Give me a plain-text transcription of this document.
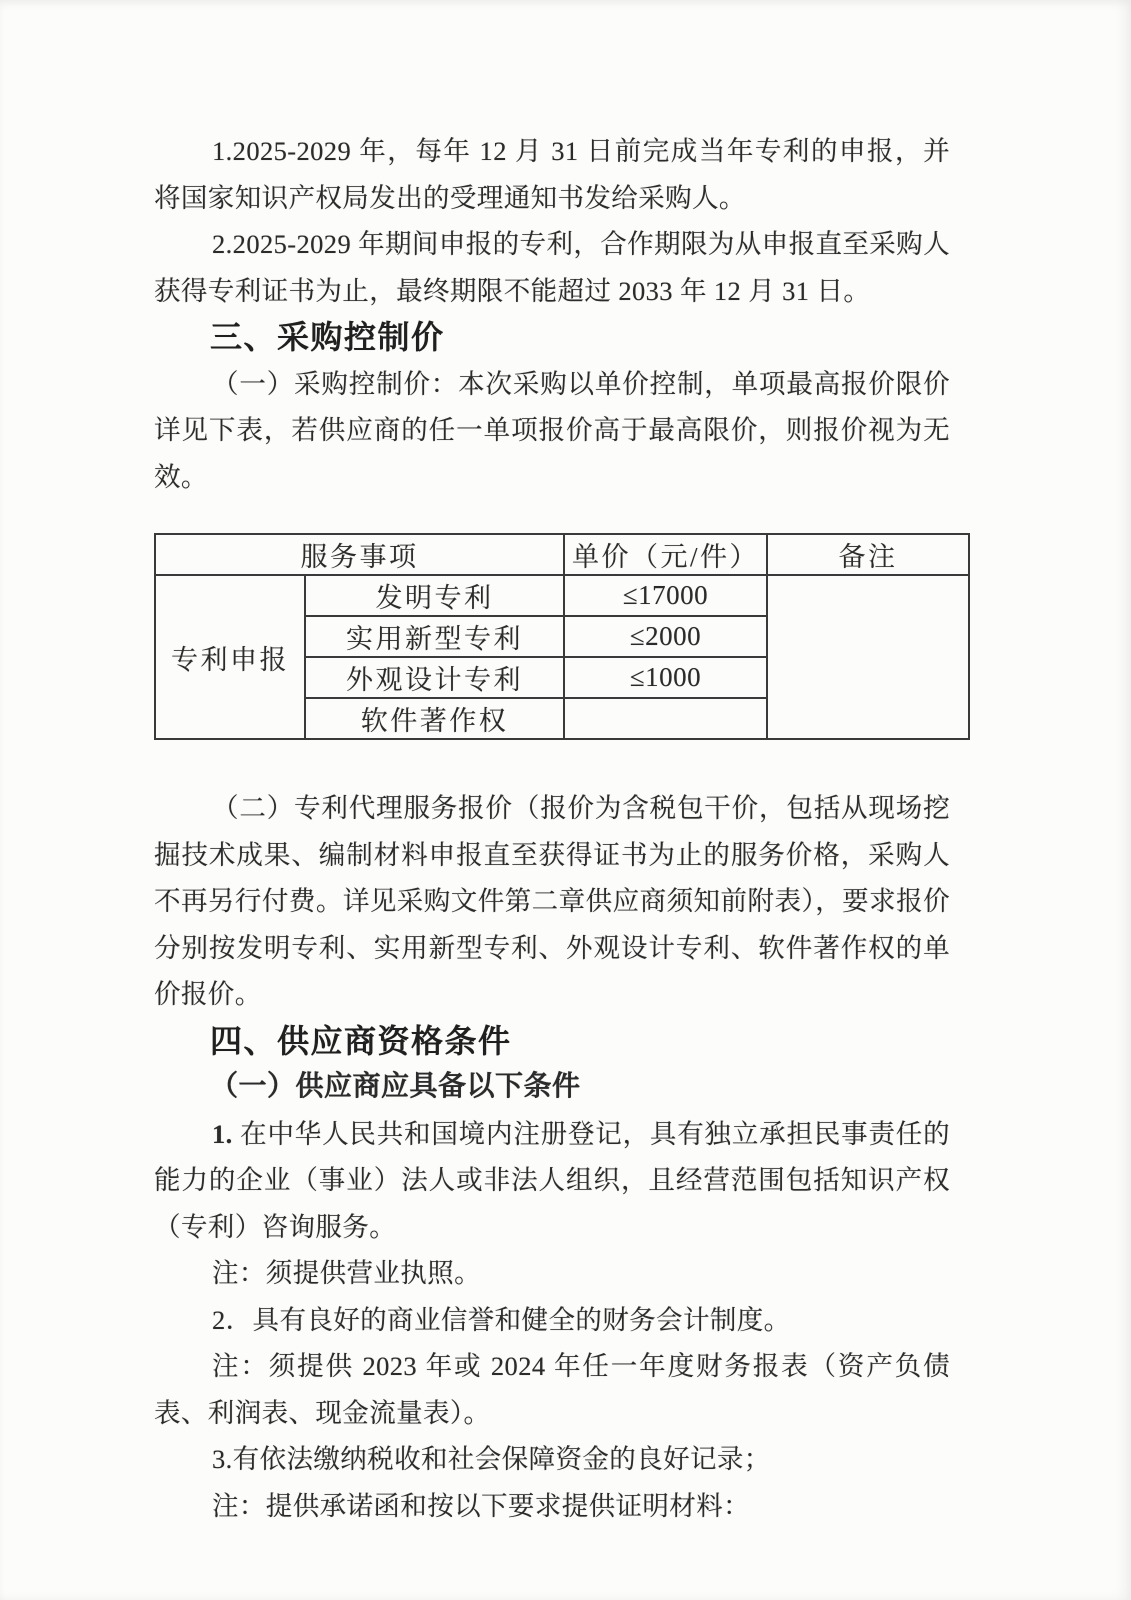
1.2025-2029 年，每年 12 月 31 日前完成当年专利的申报，并将国家知识产权局发出的受理通知书发给采购人。
2.2025-2029 年期间申报的专利，合作期限为从申报直至采购人获得专利证书为止，最终期限不能超过 2033 年 12 月 31 日。
三、采购控制价
（一）采购控制价：本次采购以单价控制，单项最高报价限价详见下表，若供应商的任一单项报价高于最高限价，则报价视为无效。
服务事项		单价（元/件）	备注
专利申报	发明专利	≤17000	
	实用新型专利	≤2000	
	外观设计专利	≤1000	
	软件著作权		
（二）专利代理服务报价（报价为含税包干价，包括从现场挖掘技术成果、编制材料申报直至获得证书为止的服务价格，采购人不再另行付费。详见采购文件第二章供应商须知前附表），要求报价分别按发明专利、实用新型专利、外观设计专利、软件著作权的单价报价。
四、供应商资格条件
（一）供应商应具备以下条件
1. 在中华人民共和国境内注册登记，具有独立承担民事责任的能力的企业（事业）法人或非法人组织，且经营范围包括知识产权（专利）咨询服务。
注：须提供营业执照。
2．具有良好的商业信誉和健全的财务会计制度。
注：须提供 2023 年或 2024 年任一年度财务报表（资产负债表、利润表、现金流量表）。
3.有依法缴纳税收和社会保障资金的良好记录；
注：提供承诺函和按以下要求提供证明材料：
